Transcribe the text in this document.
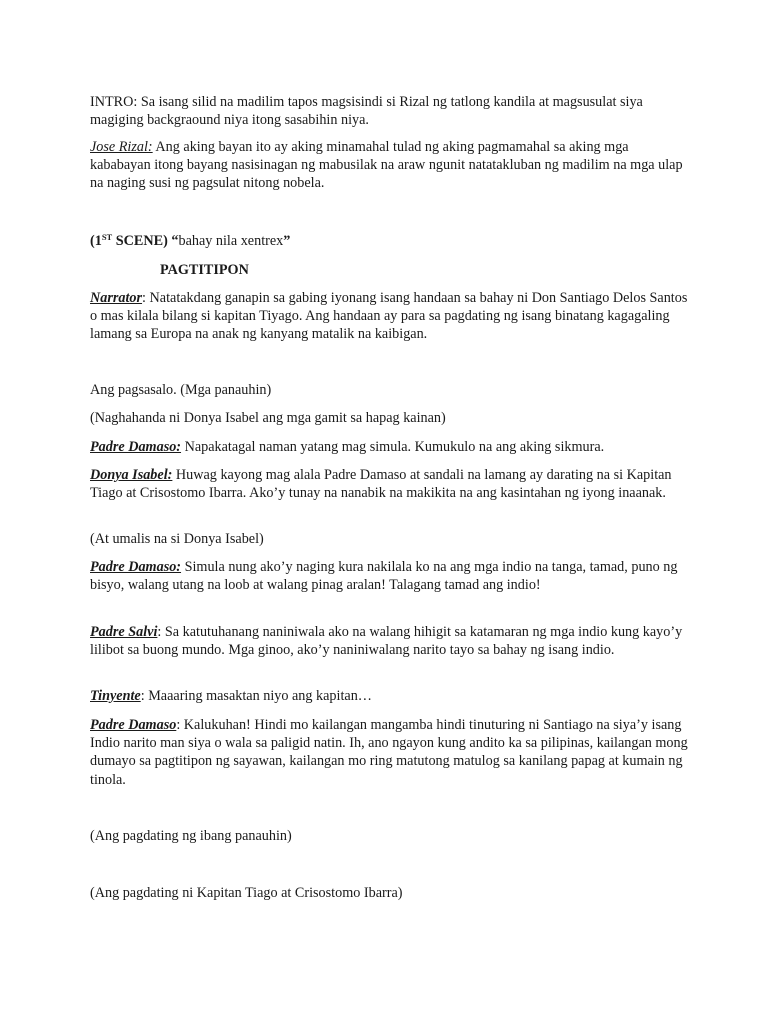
INTRO: Sa isang silid na madilim tapos magsisindi si Rizal ng tatlong kandila at magsusulat siya magiging backgraound niya itong sasabihin niya.

Jose Rizal: Ang aking bayan ito ay aking minamahal tulad ng aking pagmamahal sa aking mga kababayan itong bayang nasisinagan ng mabusilak na araw ngunit natatakluban ng madilim na mga ulap na naging susi ng pagsulat nitong nobela.

(1ST SCENE) “bahay nila xentrex”

PAGTITIPON

Narrator: Natatakdang ganapin sa gabing iyonang isang handaan sa bahay ni Don Santiago Delos Santos o mas kilala bilang si kapitan Tiyago. Ang handaan ay para sa pagdating ng isang binatang kagagaling lamang sa Europa na anak ng kanyang matalik na kaibigan.

Ang pagsasalo. (Mga panauhin)

(Naghahanda ni Donya Isabel ang mga gamit sa hapag kainan)

Padre Damaso: Napakatagal naman yatang mag simula. Kumukulo na ang aking sikmura.

Donya Isabel: Huwag kayong mag alala Padre Damaso at sandali na lamang ay darating na si Kapitan Tiago at Crisostomo Ibarra. Ako’y tunay na nanabik na makikita na ang kasintahan ng iyong inaanak.

(At umalis na si Donya Isabel)

Padre Damaso: Simula nung ako’y naging kura nakilala ko na ang mga indio na tanga, tamad, puno ng bisyo, walang utang na loob at walang pinag aralan! Talagang tamad ang indio!

Padre Salvi: Sa katutuhanang naniniwala ako na walang hihigit sa katamaran ng mga indio kung kayo’y lilibot sa buong mundo. Mga ginoo, ako’y naniniwalang narito tayo sa bahay ng isang indio.

Tinyente: Maaaring masaktan niyo ang kapitan…

Padre Damaso: Kalukuhan! Hindi mo kailangan mangamba hindi tinuturing ni Santiago na siya’y isang Indio narito man siya o wala sa paligid natin. Ih, ano ngayon kung andito ka sa pilipinas, kailangan mong dumayo sa pagtitipon ng sayawan, kailangan mo ring matutong matulog sa kanilang papag at kumain ng tinola.

(Ang pagdating ng ibang panauhin)

(Ang pagdating ni Kapitan Tiago at Crisostomo Ibarra)
